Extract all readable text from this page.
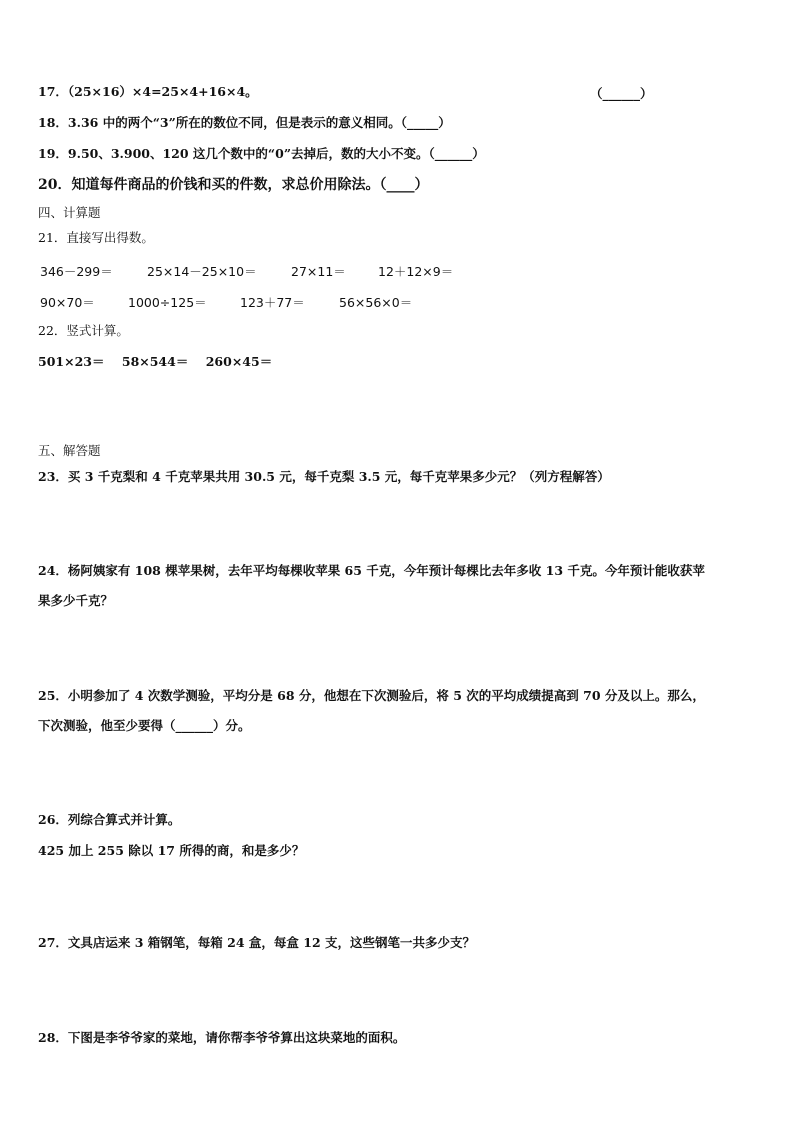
17．（25×16）×4=25×4+16×4。	（______）
18．3.36 中的两个“3”所在的数位不同，但是表示的意义相同。（_____）
19．9.50、3.900、120 这几个数中的“0”去掉后，数的大小不变。（______）
20．知道每件商品的价钱和买的件数，求总价用除法。（____）
四、计算题
21．直接写出得数。
346－299＝	25×14－25×10＝	27×11＝	12＋12×9＝
90×70＝	1000÷125＝	123＋77＝	56×56×0＝
22．竖式计算。
501×23＝    58×544＝    260×45＝
五、解答题
23．买 3 千克梨和 4 千克苹果共用 30.5 元，每千克梨 3.5 元，每千克苹果多少元？（列方程解答）
24．杨阿姨家有 108 棵苹果树，去年平均每棵收苹果 65 千克，今年预计每棵比去年多收 13 千克。今年预计能收获苹
果多少千克？
25．小明参加了 4 次数学测验，平均分是 68 分，他想在下次测验后，将 5 次的平均成绩提高到 70 分及以上。那么，
下次测验，他至少要得（______）分。
26．列综合算式并计算。
425 加上 255 除以 17 所得的商，和是多少？
27．文具店运来 3 箱钢笔，每箱 24 盒，每盒 12 支，这些钢笔一共多少支？
28．下图是李爷爷家的菜地，请你帮李爷爷算出这块菜地的面积。
